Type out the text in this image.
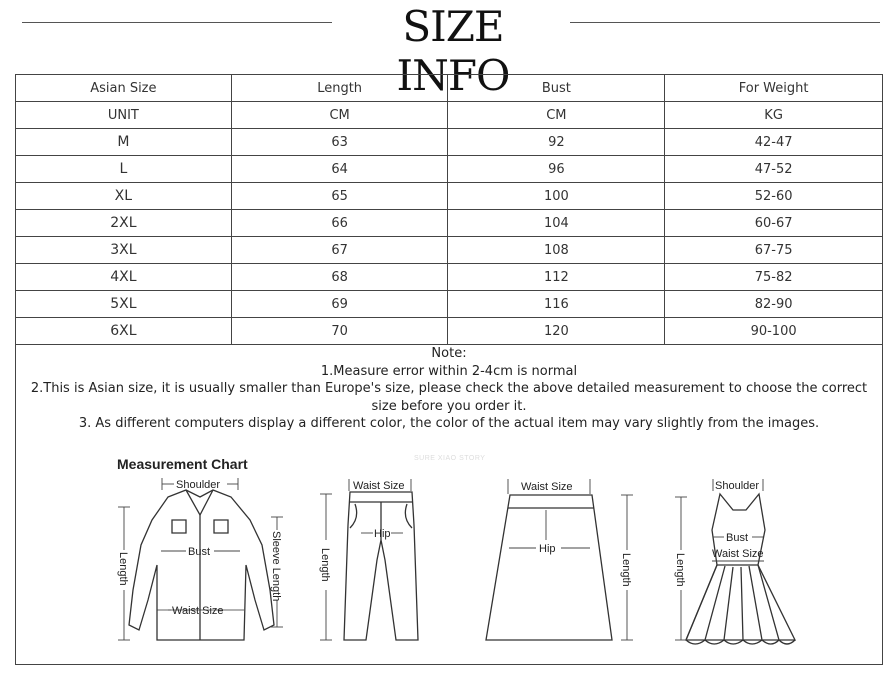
SIZE INFO
Asian Size	Length	Bust	For Weight
UNIT	CM	CM	KG
M	63	92	42-47
L	64	96	47-52
XL	65	100	52-60
2XL	66	104	60-67
3XL	67	108	67-75
4XL	68	112	75-82
5XL	69	116	82-90
6XL	70	120	90-100
Note:
1.Measure error within 2-4cm is normal
2.This is Asian size, it is usually smaller than Europe's size, please check the above detailed measurement to choose the correct size before you order it.
3. As different computers display a different color, the color of the actual item may vary slightly from the images.
Measurement Chart	SURE XIAO STORY
Shoulder
Bust
Waist Size
Length	Sleeve Length
Waist Size
Hip
Length
Waist Size
Hip
Length
Shoulder
Bust
Waist Size
Length
